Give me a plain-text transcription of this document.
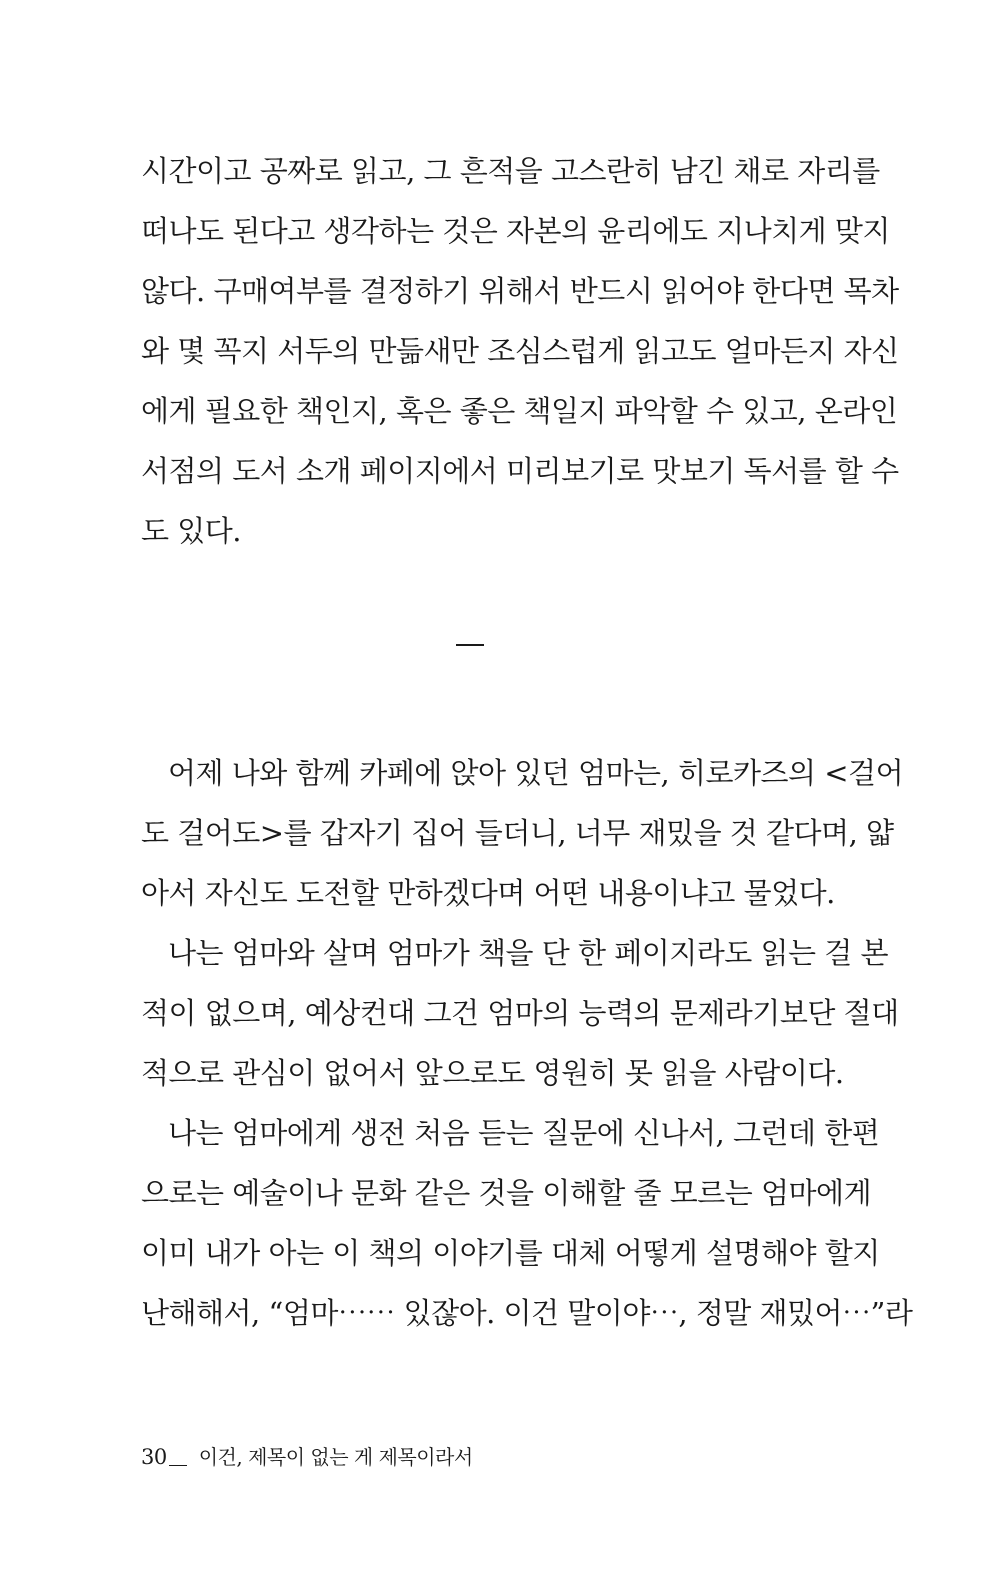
시간이고 공짜로 읽고, 그 흔적을 고스란히 남긴 채로 자리를
떠나도 된다고 생각하는 것은 자본의 윤리에도 지나치게 맞지
않다. 구매여부를 결정하기 위해서 반드시 읽어야 한다면 목차
와 몇 꼭지 서두의 만듦새만 조심스럽게 읽고도 얼마든지 자신
에게 필요한 책인지, 혹은 좋은 책일지 파악할 수 있고, 온라인
서점의 도서 소개 페이지에서 미리보기로 맛보기 독서를 할 수
도 있다.
어제 나와 함께 카페에 앉아 있던 엄마는, 히로카즈의 <걸어
도 걸어도>를 갑자기 집어 들더니, 너무 재밌을 것 같다며, 얇
아서 자신도 도전할 만하겠다며 어떤 내용이냐고 물었다.
나는 엄마와 살며 엄마가 책을 단 한 페이지라도 읽는 걸 본
적이 없으며, 예상컨대 그건 엄마의 능력의 문제라기보단 절대
적으로 관심이 없어서 앞으로도 영원히 못 읽을 사람이다.
나는 엄마에게 생전 처음 듣는 질문에 신나서, 그런데 한편
으로는 예술이나 문화 같은 것을 이해할 줄 모르는 엄마에게
이미 내가 아는 이 책의 이야기를 대체 어떻게 설명해야 할지
난해해서, “엄마⋯⋯ 있잖아. 이건 말이야⋯, 정말 재밌어⋯”라
30 이건, 제목이 없는 게 제목이라서
